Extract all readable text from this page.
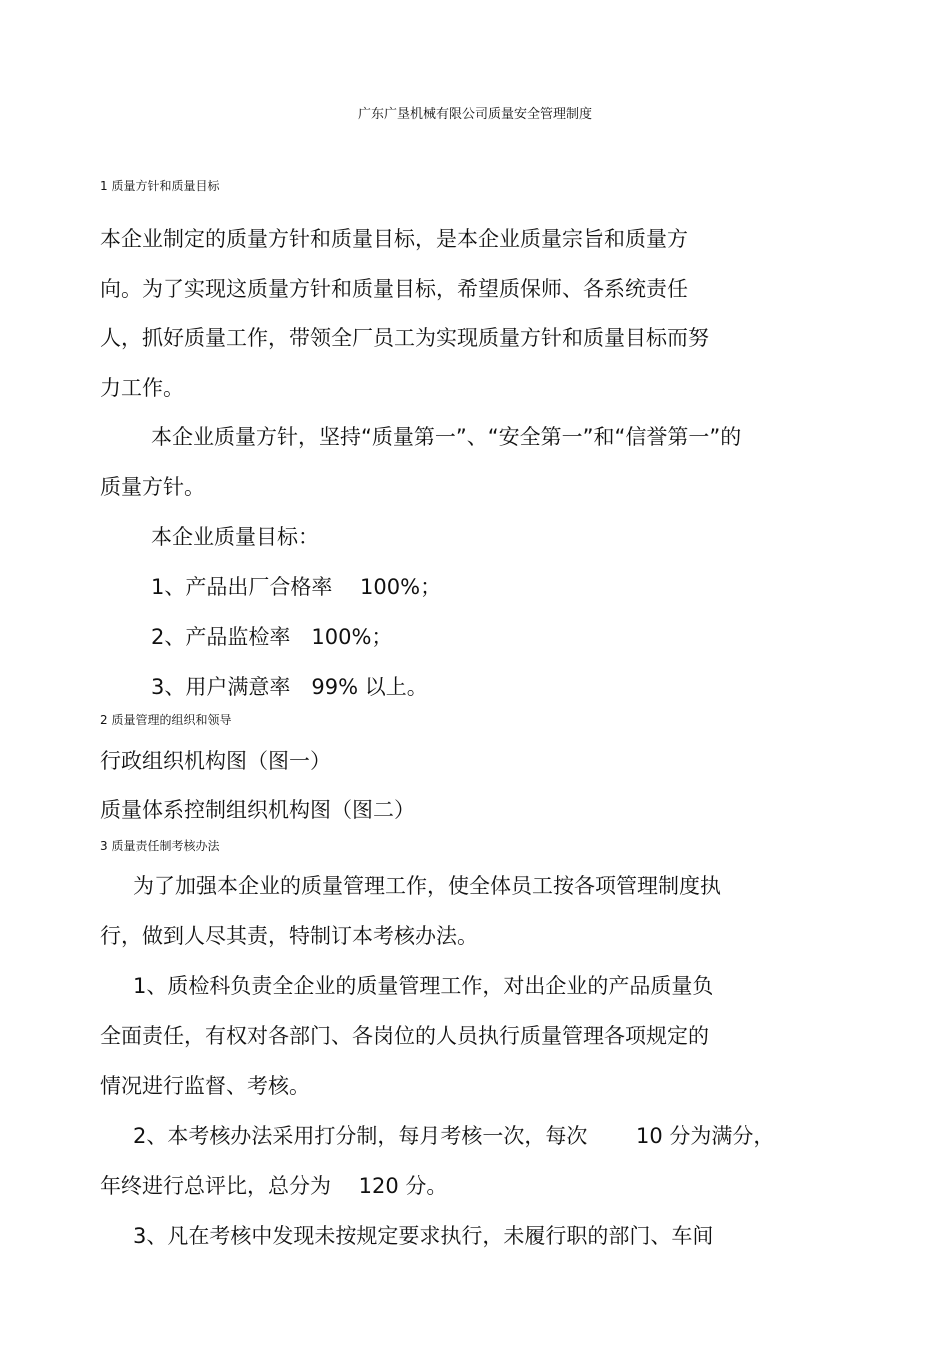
广东广垦机械有限公司质量安全管理制度
1 质量方针和质量目标
本企业制定的质量方针和质量目标，是本企业质量宗旨和质量方
向。为了实现这质量方针和质量目标，希望质保师、各系统责任
人，抓好质量工作，带领全厂员工为实现质量方针和质量目标而努
力工作。
本企业质量方针，坚持“质量第一”、“安全第一”和“信誉第一”的
质量方针。
本企业质量目标：
1、产品出厂合格率　 100%；
2、产品监检率　100%；
3、用户满意率　99% 以上。
2 质量管理的组织和领导
行政组织机构图（图一）
质量体系控制组织机构图（图二）
3 质量责任制考核办法
为了加强本企业的质量管理工作，使全体员工按各项管理制度执
行，做到人尽其责，特制订本考核办法。
1、质检科负责全企业的质量管理工作，对出企业的产品质量负
全面责任，有权对各部门、各岗位的人员执行质量管理各项规定的
情况进行监督、考核。
2、本考核办法采用打分制，每月考核一次，每次　　 10 分为满分，
年终进行总评比，总分为　 120 分。
3、凡在考核中发现未按规定要求执行，未履行职的部门、车间
